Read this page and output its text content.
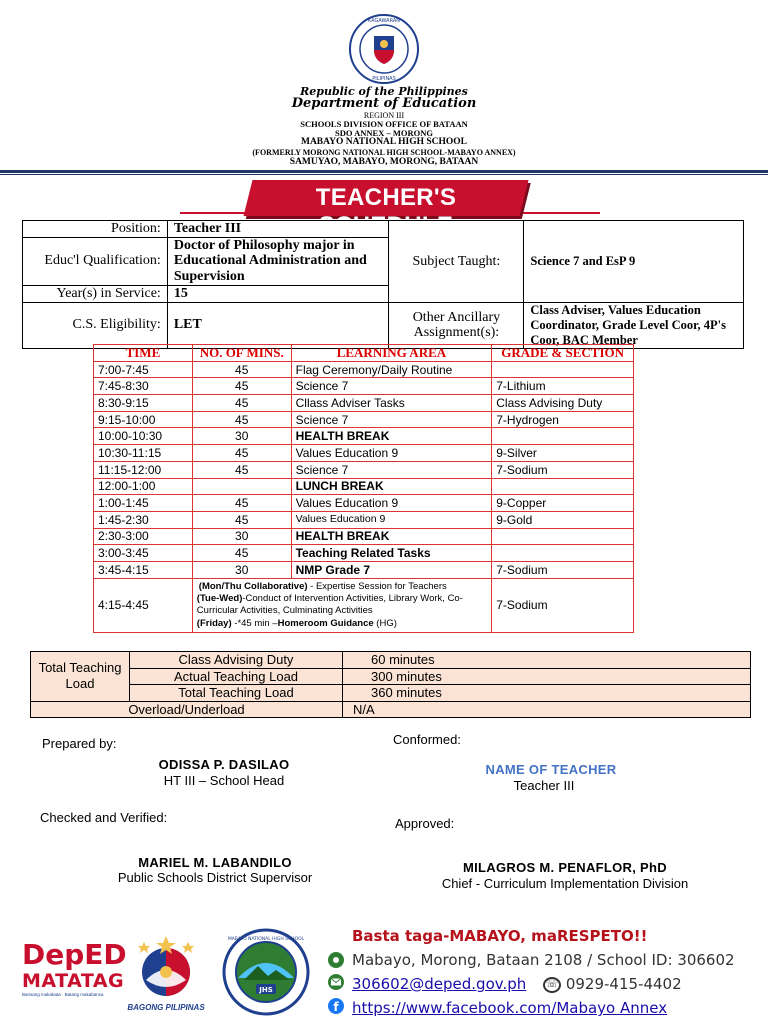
KAGAWARAN
PILIPINAS
Republic of the Philippines
Department of Education
REGION III
SCHOOLS DIVISION OFFICE OF BATAAN
SDO ANNEX – MORONG
MABAYO NATIONAL HIGH SCHOOL
(FORMERLY MORONG NATIONAL HIGH SCHOOL-MABAYO ANNEX)
SAMUYAO, MABAYO, MORONG, BATAAN
TEACHER'S SCHEDULE
Position:	Teacher III	Subject Taught:	Science 7 and EsP 9
Educ'l Qualification:	Doctor of Philosophy major in Educational Administration and Supervision		
Year(s) in Service:	15		
C.S. Eligibility:	LET	Other Ancillary Assignment(s):	Class Adviser, Values Education Coordinator, Grade Level Coor, 4P's Coor, BAC Member
TIME	NO. OF MINS.	LEARNING AREA	GRADE & SECTION
7:00-7:45	45	Flag Ceremony/Daily Routine	
7:45-8:30	45	Science 7	7-Lithium
8:30-9:15	45	Cllass Adviser Tasks	Class Advising Duty
9:15-10:00	45	Science 7	7-Hydrogen
10:00-10:30	30	HEALTH BREAK	
10:30-11:15	45	Values Education 9	9-Silver
11:15-12:00	45	Science 7	7-Sodium
12:00-1:00		LUNCH BREAK	
1:00-1:45	45	Values Education 9	9-Copper
1:45-2:30	45	Values Education 9	9-Gold
2:30-3:00	30	HEALTH BREAK	
3:00-3:45	45	Teaching Related Tasks	
3:45-4:15	30	NMP Grade 7	7-Sodium
4:15-4:45	(Mon/Thu Collaborative) - Expertise Session for Teachers
(Tue-Wed)-Conduct of Intervention Activities, Library Work, Co-Curricular Activities, Culminating Activities
(Friday) -*45 min –Homeroom Guidance (HG)		7-Sodium
Total Teaching Load	Class Advising Duty	60 minutes
	Actual Teaching Load	300 minutes
	Total Teaching Load	360 minutes
Overload/Underload		N/A
Prepared by:
ODISSA P. DASILAO
HT III – School Head
Conformed:
NAME OF TEACHER
Teacher III
Checked and Verified:
MARIEL M. LABANDILO
Public Schools District Supervisor
Approved:
MILAGROS M. PENAFLOR, PhD
Chief - Curriculum Implementation Division
DepED
MATATAG
Bansang makabata · Batang makabansa
BAGONG PILIPINAS
JHS
MABAYO NATIONAL HIGH SCHOOL
f
Basta taga-MABAYO, maRESPETO!!
Mabayo, Morong, Bataan 2108 / School ID: 306602
306602@deped.gov.ph ☏ 0929-415-4402
https://www.facebook.com/Mabayo Annex
